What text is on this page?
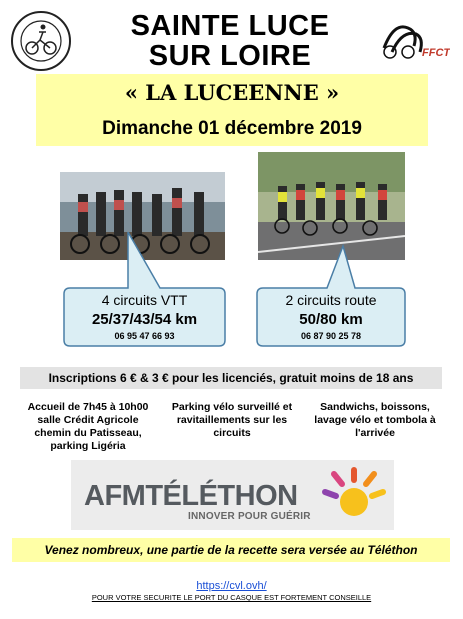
FFCT
SAINTE LUCE
SUR LOIRE
« LA LUCEENNE »
Dimanche 01 décembre 2019
4 circuits VTT
25/37/43/54 km
06 95 47 66 93
2 circuits route
50/80 km
06 87 90 25 78
Inscriptions 6 € & 3 € pour les licenciés, gratuit moins de 18 ans
Accueil de 7h45 à 10h00
salle Crédit Agricole
chemin du Patisseau,
parking Ligéria
Parking vélo surveillé et
ravitaillements sur les
circuits
Sandwichs, boissons,
lavage vélo et tombola à
l'arrivée
AFMTÉLÉTHON
INNOVER POUR GUÉRIR
Venez nombreux, une partie de la recette sera versée au Téléthon
https://cvl.ovh/
POUR VOTRE SECURITE LE PORT DU CASQUE EST FORTEMENT CONSEILLE
